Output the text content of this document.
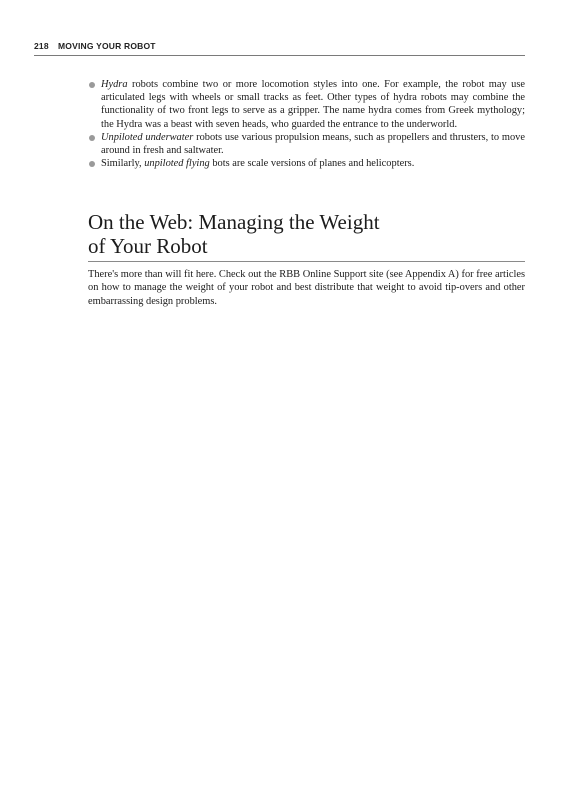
218 MOVING YOUR ROBOT
Hydra robots combine two or more locomotion styles into one. For example, the robot may use articulated legs with wheels or small tracks as feet. Other types of hydra robots may combine the functionality of two front legs to serve as a gripper. The name hydra comes from Greek mythology; the Hydra was a beast with seven heads, who guarded the entrance to the underworld.
Unpiloted underwater robots use various propulsion means, such as propellers and thrusters, to move around in fresh and saltwater.
Similarly, unpiloted flying bots are scale versions of planes and helicopters.
On the Web: Managing the Weight
of Your Robot

There's more than will fit here. Check out the RBB Online Support site (see Appendix A) for free articles on how to manage the weight of your robot and best distribute that weight to avoid tip-overs and other embarrassing design problems.
